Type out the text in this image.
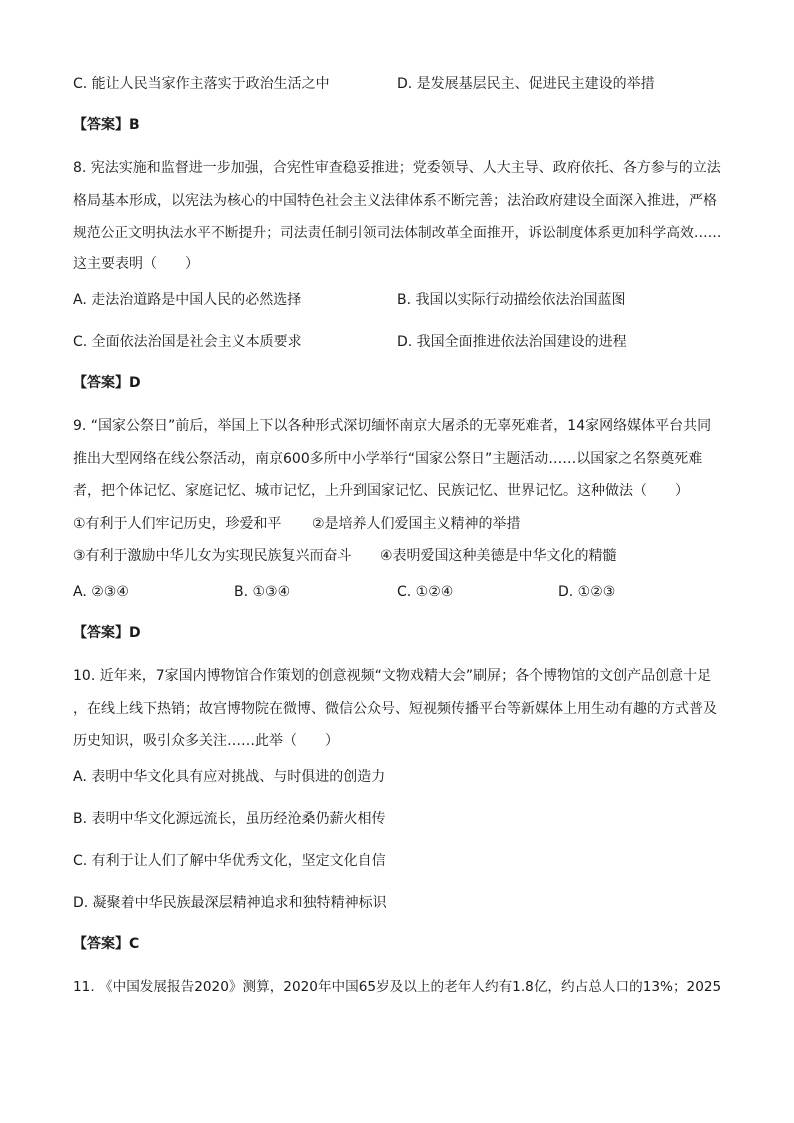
C. 能让人民当家作主落实于政治生活之中	D. 是发展基层民主、促进民主建设的举措
【答案】B
8. 宪法实施和监督进一步加强，合宪性审查稳妥推进；党委领导、人大主导、政府依托、各方参与的立法
格局基本形成，以宪法为核心的中国特色社会主义法律体系不断完善；法治政府建设全面深入推进，严格
规范公正文明执法水平不断提升；司法责任制引领司法体制改革全面推开，诉讼制度体系更加科学高效……
这主要表明（　　）
A. 走法治道路是中国人民的必然选择	B. 我国以实际行动描绘依法治国蓝图
C. 全面依法治国是社会主义本质要求	D. 我国全面推进依法治国建设的进程
【答案】D
9. “国家公祭日”前后，举国上下以各种形式深切缅怀南京大屠杀的无辜死难者，14家网络媒体平台共同
推出大型网络在线公祭活动，南京600多所中小学举行“国家公祭日”主题活动……以国家之名祭奠死难
者，把个体记忆、家庭记忆、城市记忆，上升到国家记忆、民族记忆、世界记忆。这种做法（　　）
①有利于人们牢记历史，珍爱和平 ②是培养人们爱国主义精神的举措
③有利于激励中华儿女为实现民族复兴而奋斗 ④表明爱国这种美德是中华文化的精髓
A. ②③④	B. ①③④	C. ①②④	D. ①②③
【答案】D
10. 近年来，7家国内博物馆合作策划的创意视频“文物戏精大会”刷屏；各个博物馆的文创产品创意十足
，在线上线下热销；故宫博物院在微博、微信公众号、短视频传播平台等新媒体上用生动有趣的方式普及
历史知识，吸引众多关注……此举（　　）
A. 表明中华文化具有应对挑战、与时俱进的创造力
B. 表明中华文化源远流长，虽历经沧桑仍薪火相传
C. 有利于让人们了解中华优秀文化，坚定文化自信
D. 凝聚着中华民族最深层精神追求和独特精神标识
【答案】C
11. 《中国发展报告2020》测算，2020年中国65岁及以上的老年人约有1.8亿，约占总人口的13%；2025
